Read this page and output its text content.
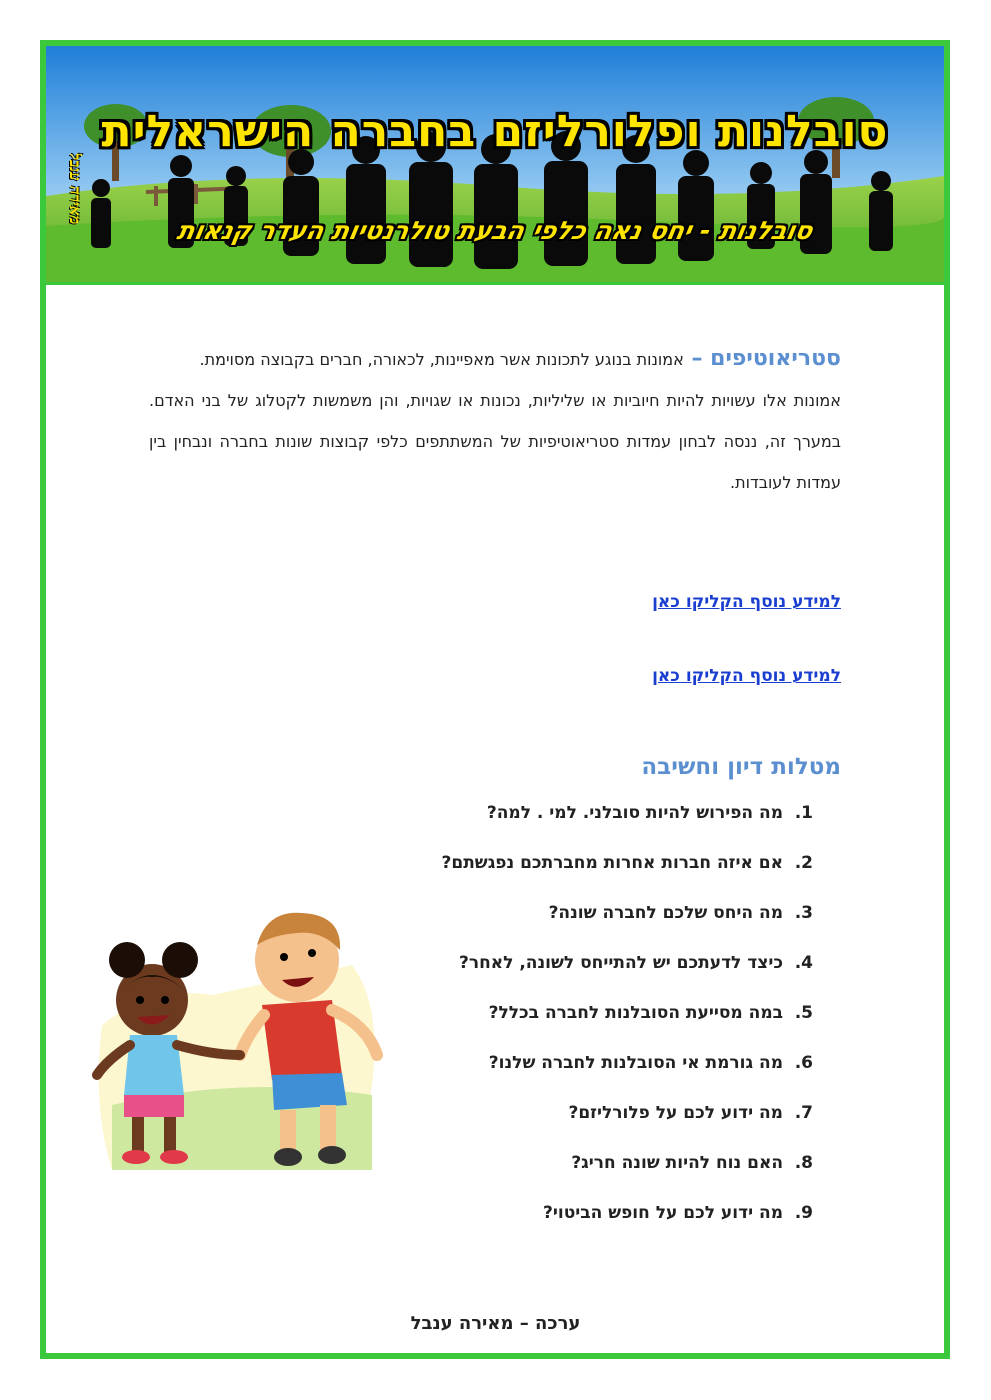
סובלנות ופלורליזם בחברה הישראלית
סובלנות - יחס נאה כלפי הבעת טולרנטיות העדר קנאות
מאירה ענבל
סטריאוטיפים – אמונות בנוגע לתכונות אשר מאפיינות, לכאורה, חברים בקבוצה מסוימת.
אמונות אלו עשויות להיות חיוביות או שליליות, נכונות או שגויות, והן משמשות לקטלוג של בני האדם. במערך זה, ננסה לבחון עמדות סטריאוטיפיות של המשתתפים כלפי קבוצות שונות בחברה ונבחין בין עמדות לעובדות.
למידע נוסף הקליקו כאן
למידע נוסף הקליקו כאן
מטלות דיון וחשיבה
1.מה הפירוש להיות סובלני. למי . למה?
2.אם איזה חברות אחרות מחברתכם נפגשתם?
3.מה היחס שלכם לחברה שונה?
4.כיצד לדעתכם יש להתייחס לשונה, לאחר?
5.במה מסייעת הסובלנות לחברה בכלל?
6.מה גורמת אי הסובלנות לחברה שלנו?
7.מה ידוע לכם על פלורליזם?
8.האם נוח להיות שונה חריג?
9.מה ידוע לכם על חופש הביטוי?
ערכה – מאירה ענבל
